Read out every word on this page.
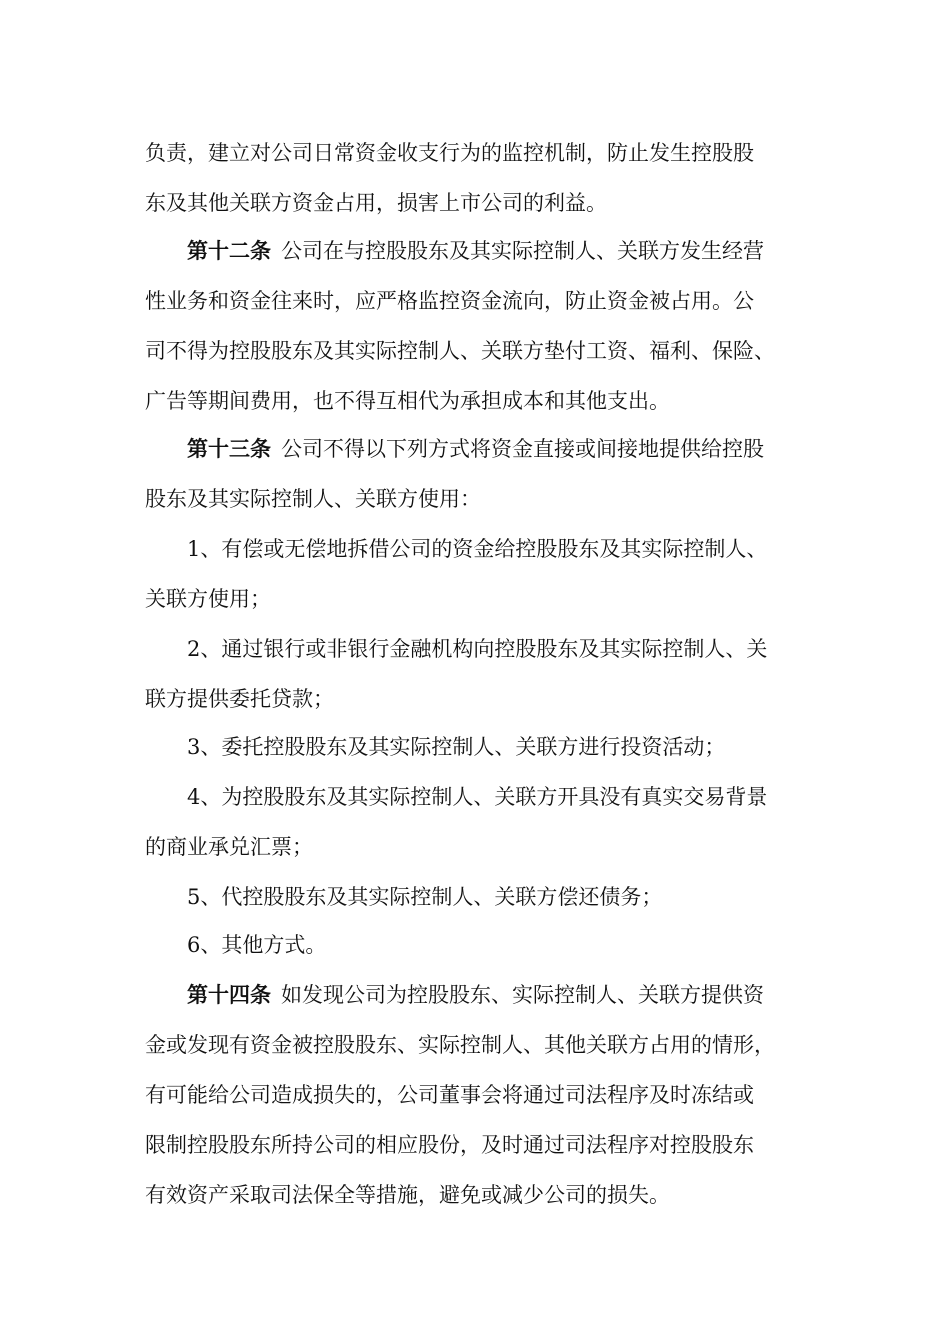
负责，建立对公司日常资金收支行为的监控机制，防止发生控股股
东及其他关联方资金占用，损害上市公司的利益。
第十二条 公司在与控股股东及其实际控制人、关联方发生经营
性业务和资金往来时，应严格监控资金流向，防止资金被占用。公
司不得为控股股东及其实际控制人、关联方垫付工资、福利、保险、
广告等期间费用，也不得互相代为承担成本和其他支出。
第十三条 公司不得以下列方式将资金直接或间接地提供给控股
股东及其实际控制人、关联方使用：
1、有偿或无偿地拆借公司的资金给控股股东及其实际控制人、
关联方使用；
2、通过银行或非银行金融机构向控股股东及其实际控制人、关
联方提供委托贷款；
3、委托控股股东及其实际控制人、关联方进行投资活动；
4、为控股股东及其实际控制人、关联方开具没有真实交易背景
的商业承兑汇票；
5、代控股股东及其实际控制人、关联方偿还债务；
6、其他方式。
第十四条 如发现公司为控股股东、实际控制人、关联方提供资
金或发现有资金被控股股东、实际控制人、其他关联方占用的情形，
有可能给公司造成损失的，公司董事会将通过司法程序及时冻结或
限制控股股东所持公司的相应股份，及时通过司法程序对控股股东
有效资产采取司法保全等措施，避免或减少公司的损失。
